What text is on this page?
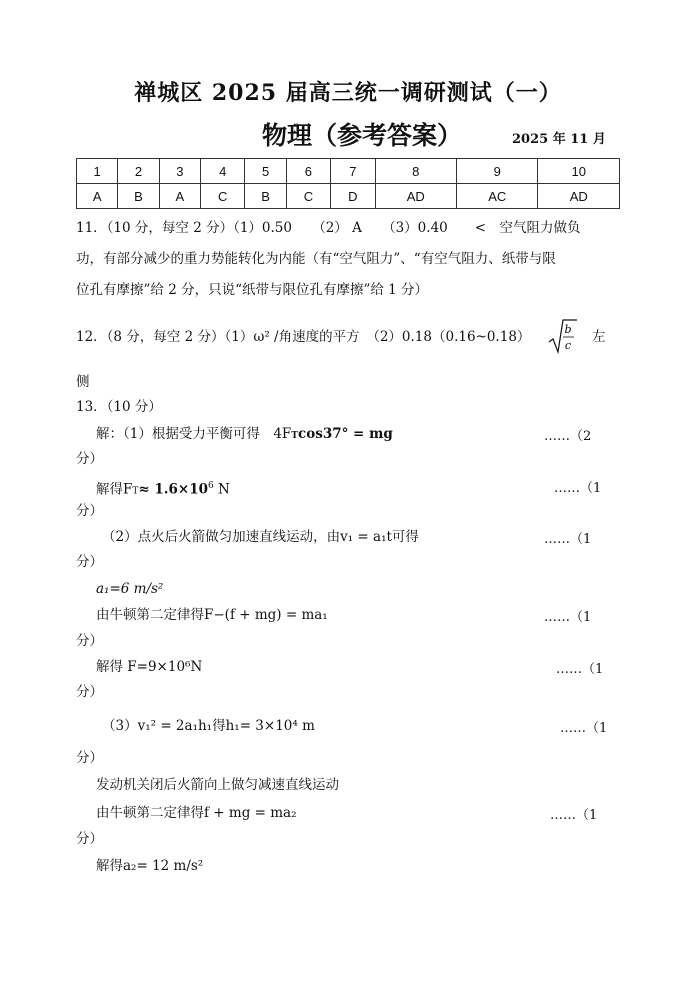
禅城区 2025 届高三统一调研测试（一）
物理（参考答案）	2025 年 11 月
1	2	3	4	5	6	7	8	9	10
A	B	A	C	B	C	D	AD	AC	AD
11．（10 分，每空 2 分）（1）0.50　　（2） A　　（3）0.40　　<　空气阻力做负
功，有部分减少的重力势能转化为内能（有“空气阻力”、“有空气阻力、纸带与限
位孔有摩擦”给 2 分，只说“纸带与限位孔有摩擦”给 1 分）
12．（8 分，每空 2 分）（1）ω² /角速度的平方　（2）0.18（0.16~0.18）	b
c
左
侧
13．（10 分）
解：（1）根据受力平衡可得　4FTcos37° = mg	……（2
分）
解得$FT\approx 1.6\times 10^6$ N	……（1
分）
（2）点火后火箭做匀加速直线运动，由v₁ = a₁t可得	……（1
分）
a₁=6 m/s²
由牛顿第二定律得F−(f + mg) = ma₁	……（1
分）
解得 F=9×10⁶N	……（1
分）
（3）v₁² = 2a₁h₁得h₁= 3×10⁴ m	……（1
分）
发动机关闭后火箭向上做匀减速直线运动
由牛顿第二定律得f + mg = ma₂	……（1
分）
解得a₂= 12 m/s²
